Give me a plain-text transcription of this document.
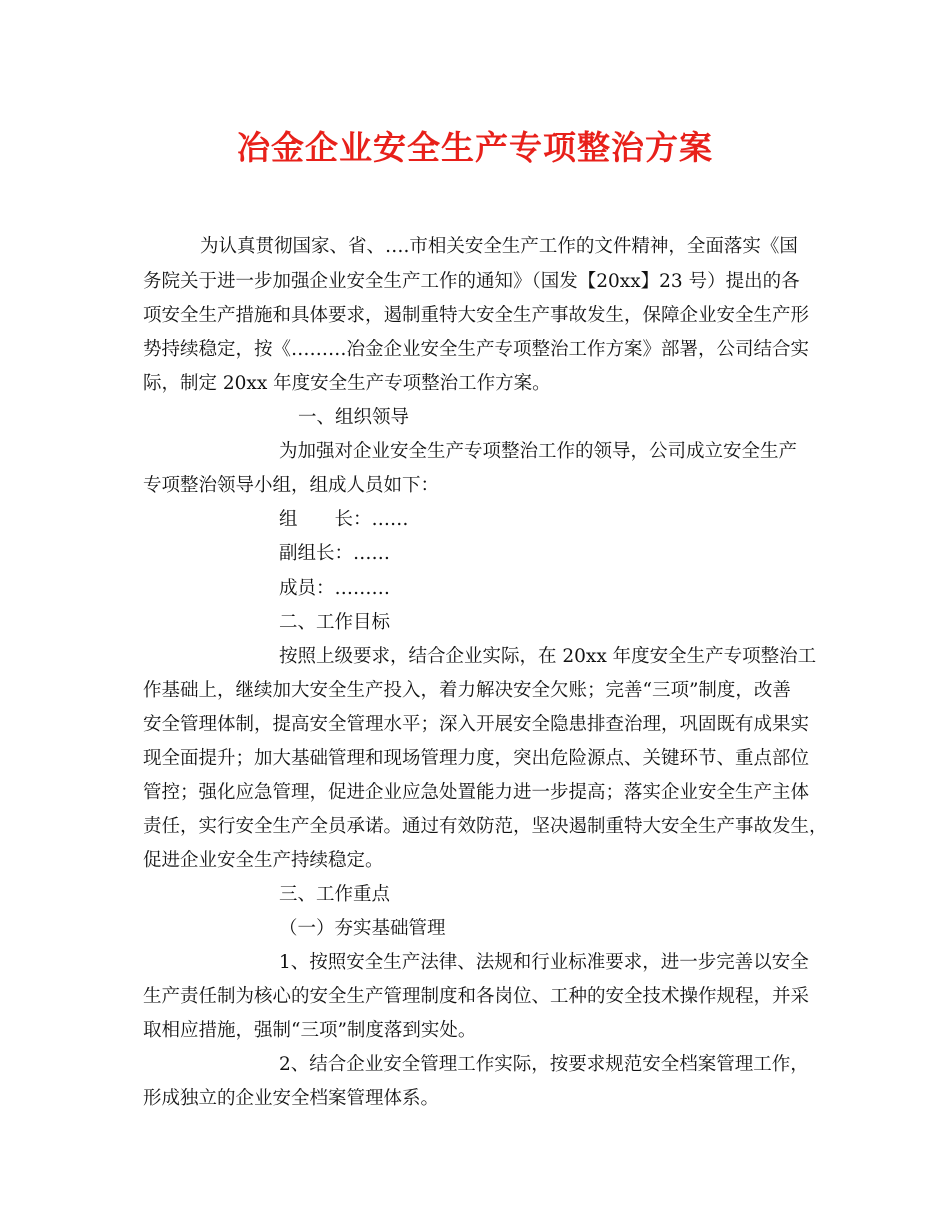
冶金企业安全生产专项整治方案

为认真贯彻国家、省、….市相关安全生产工作的文件精神，全面落实《国

务院关于进一步加强企业安全生产工作的通知》（国发【20xx】23 号）提出的各

项安全生产措施和具体要求，遏制重特大安全生产事故发生，保障企业安全生产形

势持续稳定，按《………冶金企业安全生产专项整治工作方案》部署，公司结合实

际，制定 20xx 年度安全生产专项整治工作方案。

一、组织领导

为加强对企业安全生产专项整治工作的领导，公司成立安全生产

专项整治领导小组，组成人员如下：

组　　长：……

副组长：……

成员：………

二、工作目标

按照上级要求，结合企业实际，在 20xx 年度安全生产专项整治工

作基础上，继续加大安全生产投入，着力解决安全欠账；完善“三项”制度，改善

安全管理体制，提高安全管理水平；深入开展安全隐患排查治理，巩固既有成果实

现全面提升；加大基础管理和现场管理力度，突出危险源点、关键环节、重点部位

管控；强化应急管理，促进企业应急处置能力进一步提高；落实企业安全生产主体

责任，实行安全生产全员承诺。通过有效防范，坚决遏制重特大安全生产事故发生，

促进企业安全生产持续稳定。

三、工作重点

（一）夯实基础管理

1、按照安全生产法律、法规和行业标准要求，进一步完善以安全

生产责任制为核心的安全生产管理制度和各岗位、工种的安全技术操作规程，并采

取相应措施，强制“三项”制度落到实处。

2、结合企业安全管理工作实际，按要求规范安全档案管理工作，

形成独立的企业安全档案管理体系。
